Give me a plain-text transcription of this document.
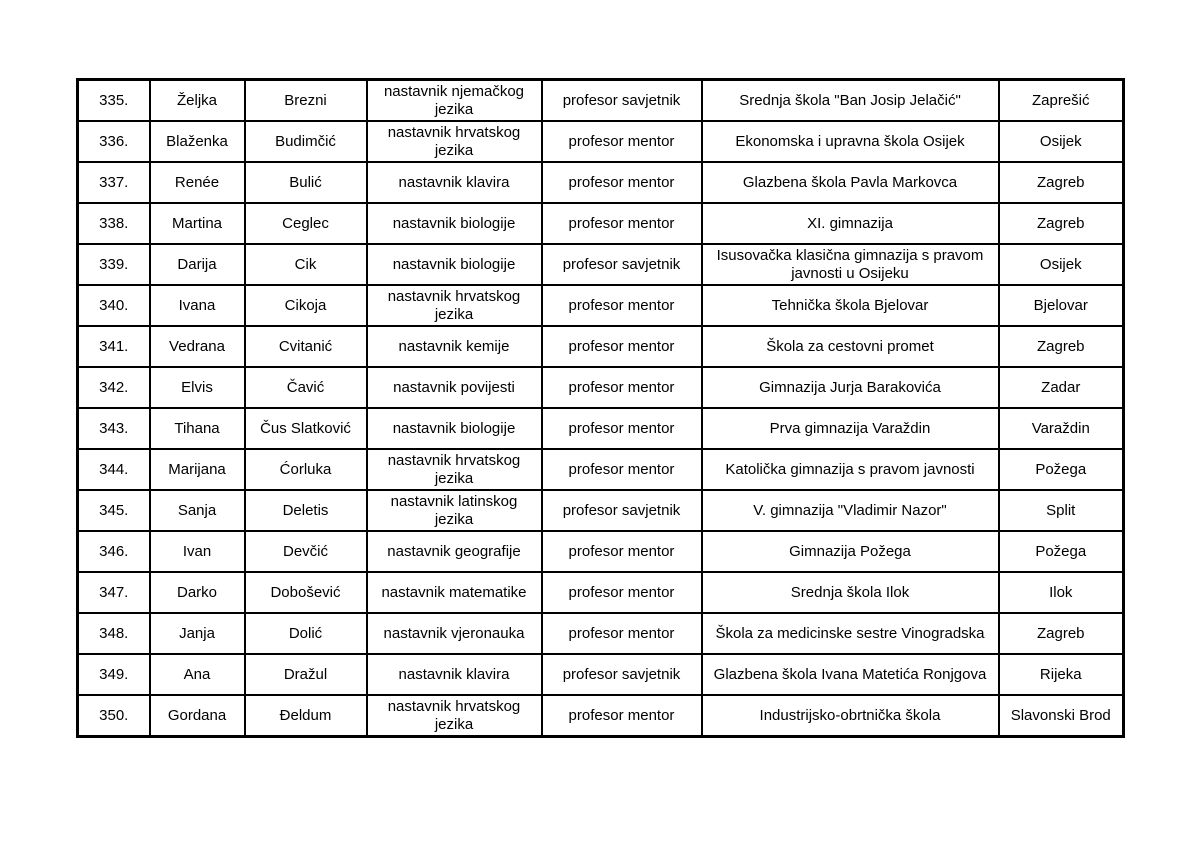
335.	Željka	Brezni	nastavnik njemačkog jezika	profesor savjetnik	Srednja škola "Ban Josip Jelačić"	Zaprešić
336.	Blaženka	Budimčić	nastavnik hrvatskog jezika	profesor mentor	Ekonomska i upravna škola Osijek	Osijek
337.	Renée	Bulić	nastavnik klavira	profesor mentor	Glazbena škola Pavla Markovca	Zagreb
338.	Martina	Ceglec	nastavnik biologije	profesor mentor	XI. gimnazija	Zagreb
339.	Darija	Cik	nastavnik biologije	profesor savjetnik	Isusovačka klasična gimnazija s pravom javnosti u Osijeku	Osijek
340.	Ivana	Cikoja	nastavnik hrvatskog jezika	profesor mentor	Tehnička škola Bjelovar	Bjelovar
341.	Vedrana	Cvitanić	nastavnik kemije	profesor mentor	Škola za cestovni promet	Zagreb
342.	Elvis	Čavić	nastavnik povijesti	profesor mentor	Gimnazija Jurja Barakovića	Zadar
343.	Tihana	Čus Slatković	nastavnik biologije	profesor mentor	Prva gimnazija Varaždin	Varaždin
344.	Marijana	Ćorluka	nastavnik hrvatskog jezika	profesor mentor	Katolička gimnazija s pravom javnosti	Požega
345.	Sanja	Deletis	nastavnik latinskog jezika	profesor savjetnik	V. gimnazija "Vladimir Nazor"	Split
346.	Ivan	Devčić	nastavnik geografije	profesor mentor	Gimnazija Požega	Požega
347.	Darko	Dobošević	nastavnik matematike	profesor mentor	Srednja škola Ilok	Ilok
348.	Janja	Dolić	nastavnik vjeronauka	profesor mentor	Škola za medicinske sestre Vinogradska	Zagreb
349.	Ana	Dražul	nastavnik klavira	profesor savjetnik	Glazbena škola Ivana Matetića Ronjgova	Rijeka
350.	Gordana	Đeldum	nastavnik hrvatskog jezika	profesor mentor	Industrijsko-obrtnička škola	Slavonski Brod
